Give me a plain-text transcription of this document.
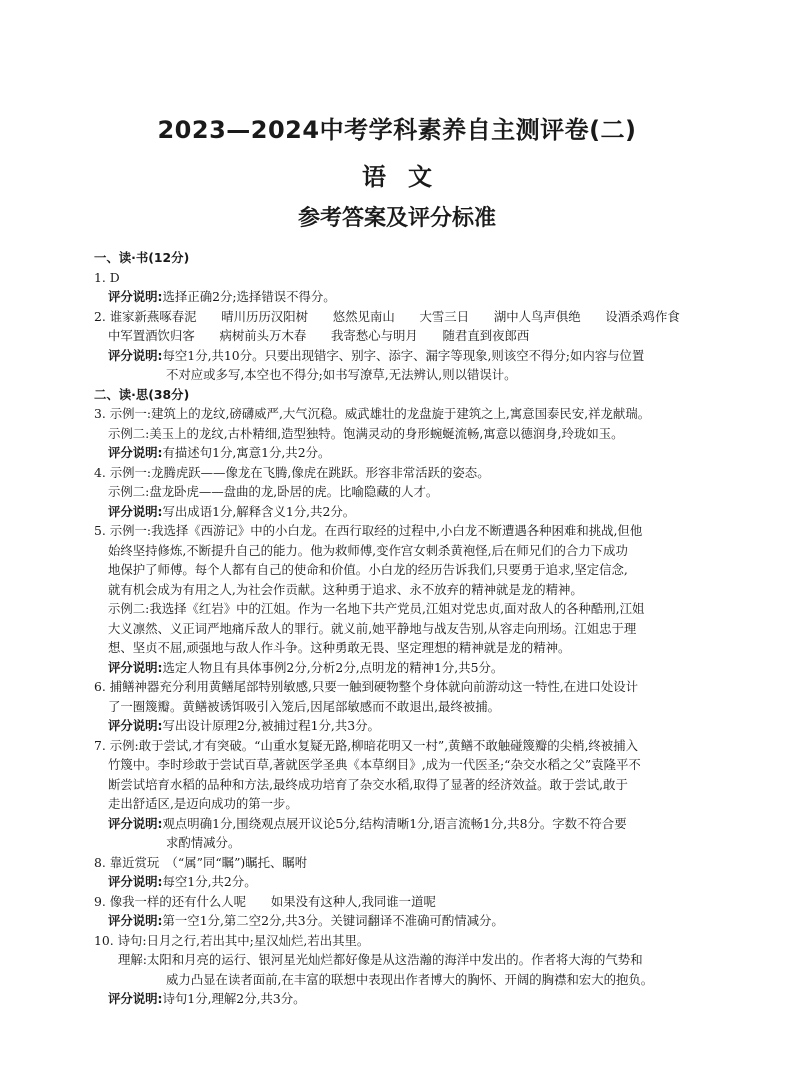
2023—2024中考学科素养自主测评卷(二)
语文
参考答案及评分标准
一、读·书(12分)
1. D
评分说明:选择正确2分;选择错误不得分。
2. 谁家新燕啄春泥　　晴川历历汉阳树　　悠然见南山　　大雪三日　　湖中人鸟声俱绝　　设酒杀鸡作食
中军置酒饮归客　　病树前头万木春　　我寄愁心与明月　　随君直到夜郎西
评分说明:每空1分,共10分。只要出现错字、别字、添字、漏字等现象,则该空不得分;如内容与位置
不对应或多写,本空也不得分;如书写潦草,无法辨认,则以错误计。
二、读·思(38分)
3. 示例一:建筑上的龙纹,磅礴威严,大气沉稳。威武雄壮的龙盘旋于建筑之上,寓意国泰民安,祥龙献瑞。
示例二:美玉上的龙纹,古朴精细,造型独特。饱满灵动的身形蜿蜒流畅,寓意以德润身,玲珑如玉。
评分说明:有描述句1分,寓意1分,共2分。
4. 示例一:龙腾虎跃——像龙在飞腾,像虎在跳跃。形容非常活跃的姿态。
示例二:盘龙卧虎——盘曲的龙,卧居的虎。比喻隐藏的人才。
评分说明:写出成语1分,解释含义1分,共2分。
5. 示例一:我选择《西游记》中的小白龙。在西行取经的过程中,小白龙不断遭遇各种困难和挑战,但他
始终坚持修炼,不断提升自己的能力。他为救师傅,变作宫女刺杀黄袍怪,后在师兄们的合力下成功
地保护了师傅。每个人都有自己的使命和价值。小白龙的经历告诉我们,只要勇于追求,坚定信念,
就有机会成为有用之人,为社会作贡献。这种勇于追求、永不放弃的精神就是龙的精神。
示例二:我选择《红岩》中的江姐。作为一名地下共产党员,江姐对党忠贞,面对敌人的各种酷刑,江姐
大义凛然、义正词严地痛斥敌人的罪行。就义前,她平静地与战友告别,从容走向刑场。江姐忠于理
想、坚贞不屈,顽强地与敌人作斗争。这种勇敢无畏、坚定理想的精神就是龙的精神。
评分说明:选定人物且有具体事例2分,分析2分,点明龙的精神1分,共5分。
6. 捕鳝神器充分利用黄鳝尾部特别敏感,只要一触到硬物整个身体就向前游动这一特性,在进口处设计
了一圈篾瓣。黄鳝被诱饵吸引入笼后,因尾部敏感而不敢退出,最终被捕。
评分说明:写出设计原理2分,被捕过程1分,共3分。
7. 示例:敢于尝试,才有突破。“山重水复疑无路,柳暗花明又一村”,黄鳝不敢触碰篾瓣的尖梢,终被捕入
竹篾中。李时珍敢于尝试百草,著就医学圣典《本草纲目》,成为一代医圣;“杂交水稻之父”袁隆平不
断尝试培育水稻的品种和方法,最终成功培育了杂交水稻,取得了显著的经济效益。敢于尝试,敢于
走出舒适区,是迈向成功的第一步。
评分说明:观点明确1分,围绕观点展开议论5分,结构清晰1分,语言流畅1分,共8分。字数不符合要
求酌情减分。
8. 靠近赏玩　（“属”同“瞩”)瞩托、瞩咐
评分说明:每空1分,共2分。
9. 像我一样的还有什么人呢　　如果没有这种人,我同谁一道呢
评分说明:第一空1分,第二空2分,共3分。关键词翻译不准确可酌情减分。
10. 诗句:日月之行,若出其中;星汉灿烂,若出其里。
理解:太阳和月亮的运行、银河星光灿烂都好像是从这浩瀚的海洋中发出的。作者将大海的气势和
威力凸显在读者面前,在丰富的联想中表现出作者博大的胸怀、开阔的胸襟和宏大的抱负。
评分说明:诗句1分,理解2分,共3分。
